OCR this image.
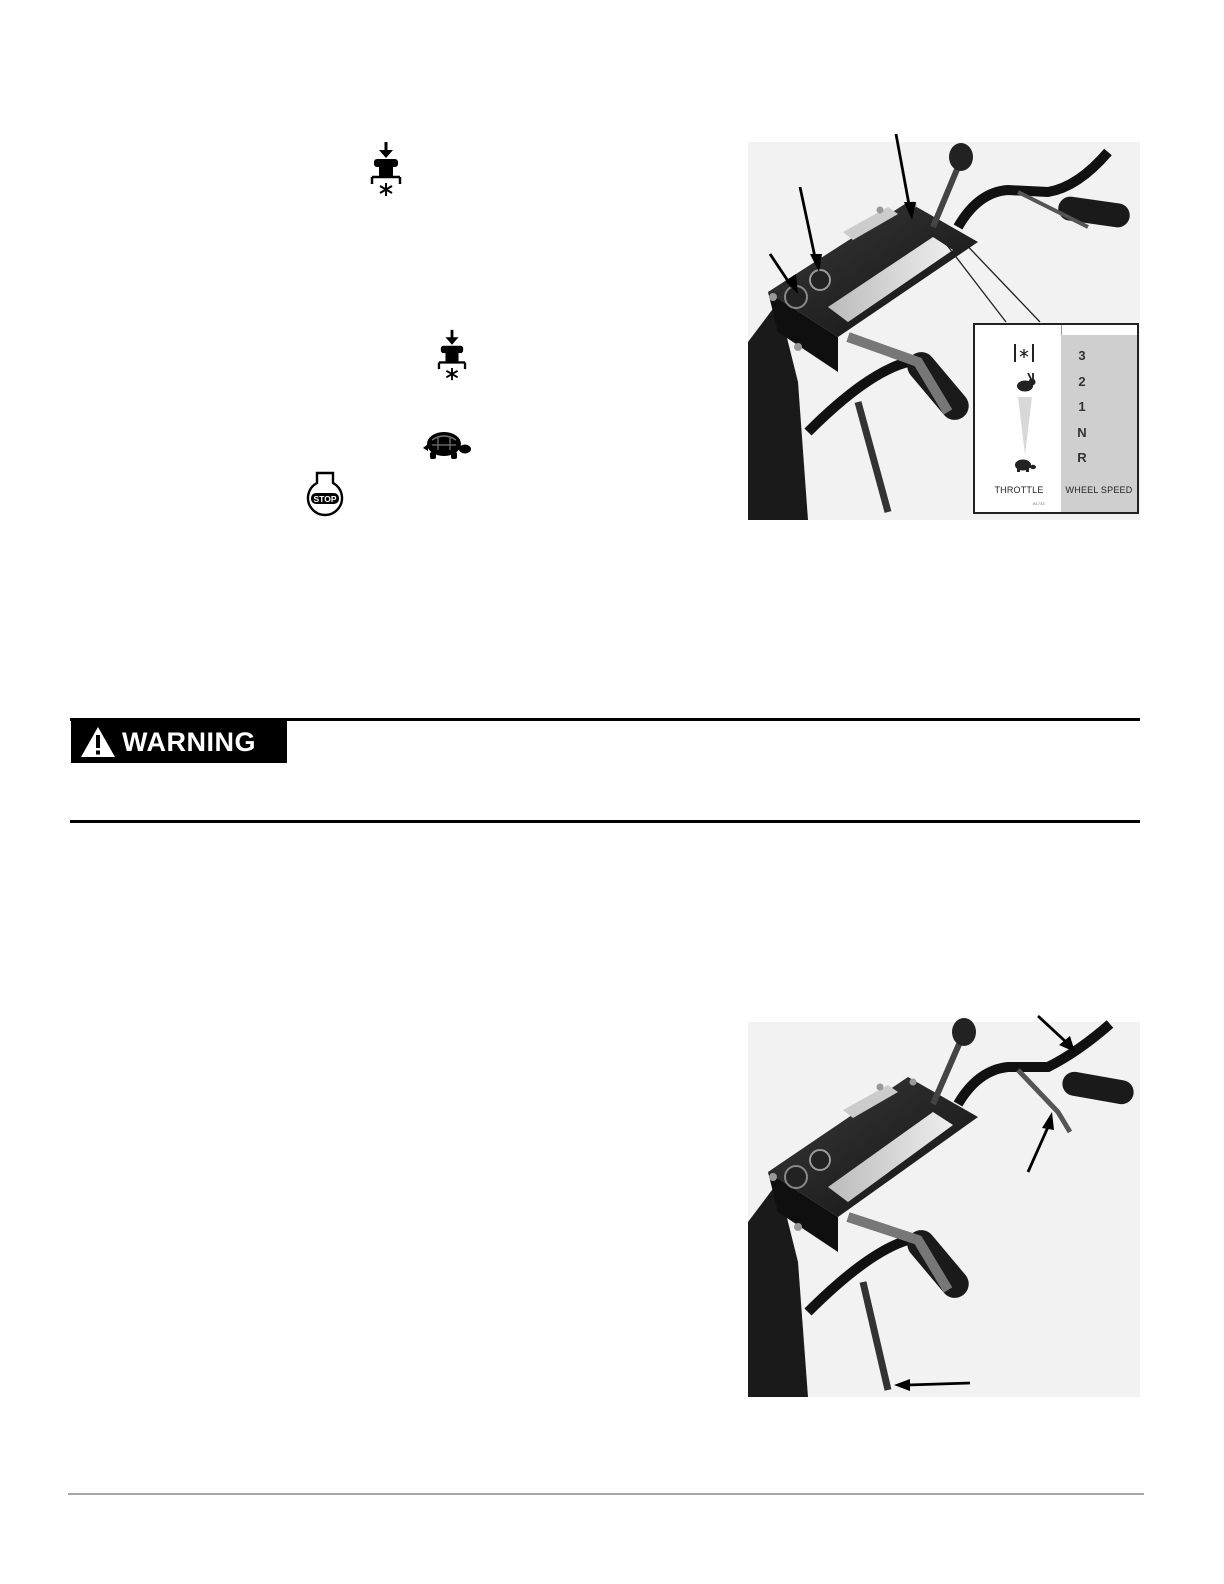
STOP
3
2
1
N
R
THROTTLE	WHEEL SPEED
B1733
WARNING
